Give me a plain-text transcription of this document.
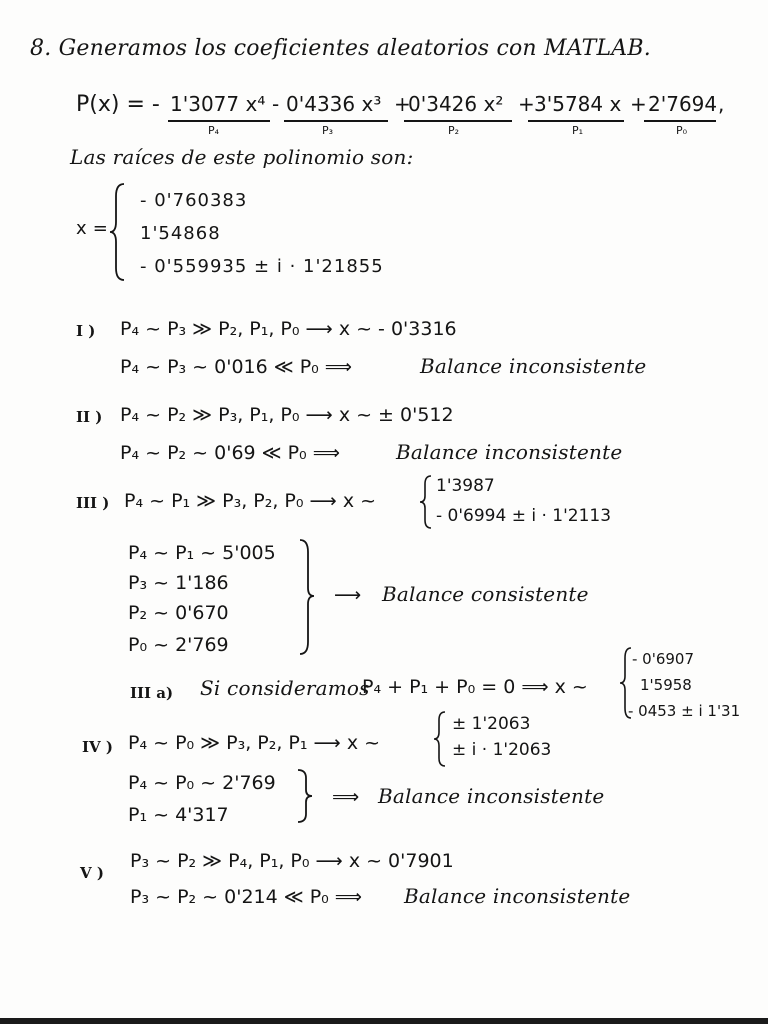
8. Generamos los coeficientes aleatorios con MATLAB.
P(x) = - 1'3077 x⁴
P₄
- 0'4336 x³
P₃
+
0'3426 x²
P₂
+ 3'5784 x
P₁
+ 2'7694 ,
P₀
Las raíces de este polinomio son:
x =
- 0'760383
1'54868
- 0'559935 ± i · 1'21855
I ) P₄ ~ P₃ ≫ P₂, P₁, P₀ ⟶ x ~ - 0'3316
P₄ ~ P₃ ~ 0'016 ≪ P₀ ⟹	Balance inconsistente
II ) P₄ ~ P₂ ≫ P₃, P₁, P₀ ⟶ x ~ ± 0'512
P₄ ~ P₂ ~ 0'69 ≪ P₀ ⟹	Balance inconsistente
III ) P₄ ~ P₁ ≫ P₃, P₂, P₀ ⟶ x ~
1'3987
- 0'6994 ± i · 1'2113
P₄ ~ P₁ ~ 5'005
P₃ ~ 1'186
P₂ ~ 0'670
P₀ ~ 2'769
⟶ Balance consistente
III a) Si consideramos
P₄ + P₁ + P₀ = 0 ⟹ x ~
- 0'6907
1'5958
- 0453 ± i 1'31
IV ) P₄ ~ P₀ ≫ P₃, P₂, P₁ ⟶ x ~
± 1'2063
± i · 1'2063
P₄ ~ P₀ ~ 2'769
P₁ ~ 4'317
⟹ Balance inconsistente
V )
P₃ ~ P₂ ≫ P₄, P₁, P₀ ⟶ x ~ 0'7901
P₃ ~ P₂ ~ 0'214 ≪ P₀ ⟹ Balance inconsistente
